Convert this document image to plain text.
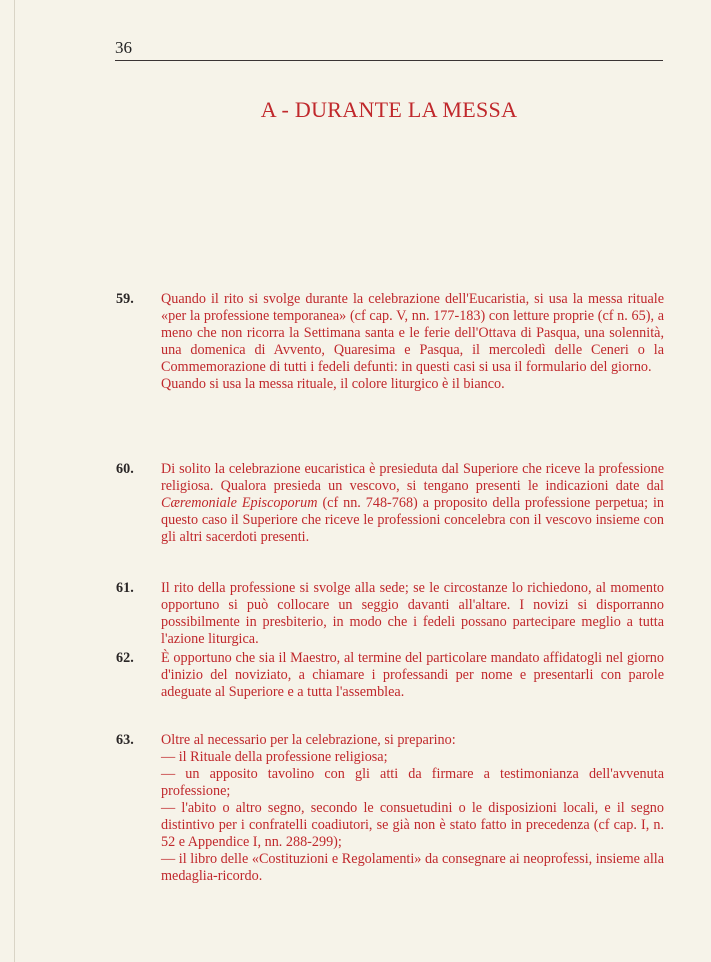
36
A - DURANTE LA MESSA
59.	Quando il rito si svolge durante la celebrazione dell'Eucaristia, si usa la messa rituale «per la professione temporanea» (cf cap. V, nn. 177-183) con letture proprie (cf n. 65), a meno che non ricorra la Settimana santa e le ferie dell'Ottava di Pasqua, una solennità, una domenica di Avvento, Quaresima e Pasqua, il mercoledì delle Ceneri o la Commemorazione di tutti i fedeli defunti: in questi casi si usa il formulario del giorno.

Quando si usa la messa rituale, il colore liturgico è il bianco.

60.	Di solito la celebrazione eucaristica è presieduta dal Superiore che riceve la professione religiosa. Qualora presieda un vescovo, si tengano presenti le indicazioni date dal Cæremoniale Episcoporum (cf nn. 748-768) a proposito della professione perpetua; in questo caso il Superiore che riceve le professioni concelebra con il vescovo insieme con gli altri sacerdoti presenti.

61.	Il rito della professione si svolge alla sede; se le circostanze lo richiedono, al momento opportuno si può collocare un seggio davanti all'altare. I novizi si disporranno possibilmente in presbiterio, in modo che i fedeli possano partecipare meglio a tutta l'azione liturgica.

62.	È opportuno che sia il Maestro, al termine del particolare mandato affidatogli nel giorno d'inizio del noviziato, a chiamare i professandi per nome e presentarli con parole adeguate al Superiore e a tutta l'assemblea.

63.	Oltre al necessario per la celebrazione, si preparino:

— il Rituale della professione religiosa;

— un apposito tavolino con gli atti da firmare a testimonianza dell'avvenuta professione;

— l'abito o altro segno, secondo le consuetudini o le disposizioni locali, e il segno distintivo per i confratelli coadiutori, se già non è stato fatto in precedenza (cf cap. I, n. 52 e Appendice I, nn. 288-299);

— il libro delle «Costituzioni e Regolamenti» da consegnare ai neoprofessi, insieme alla medaglia-ricordo.
